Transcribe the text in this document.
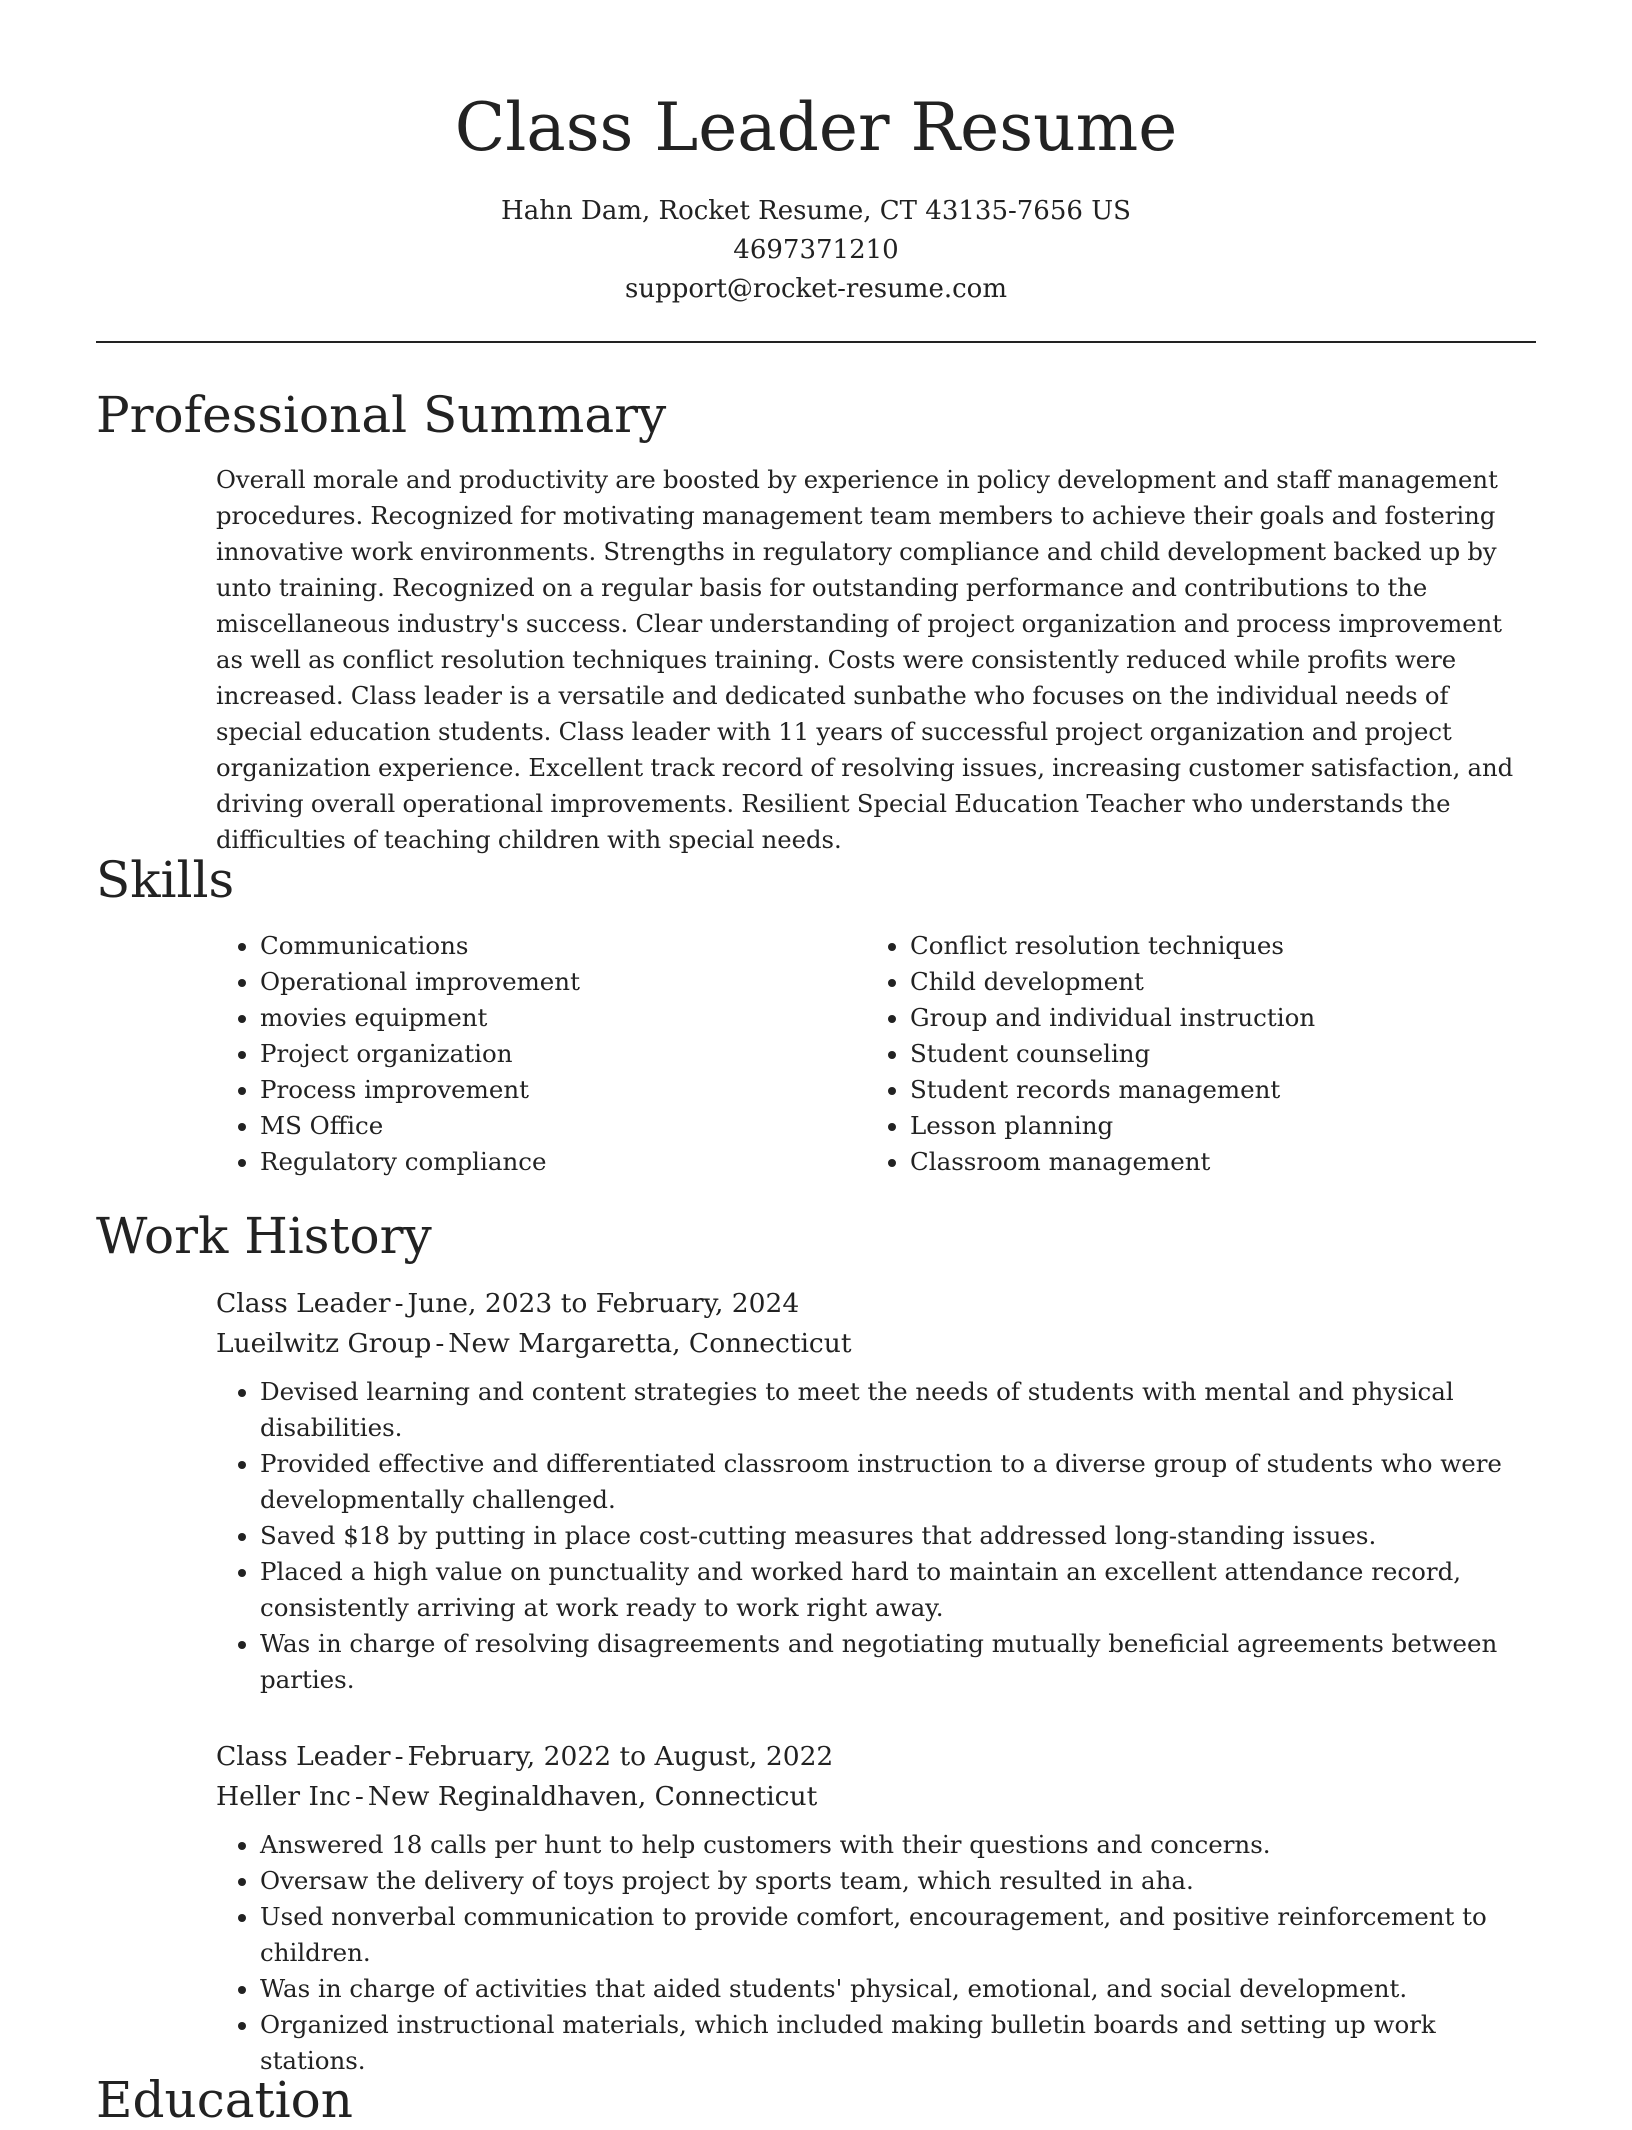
Class Leader Resume
Hahn Dam, Rocket Resume, CT 43135-7656 US
4697371210
support@rocket-resume.com
Professional Summary

Overall morale and productivity are boosted by experience in policy development and staff management procedures. Recognized for motivating management team members to achieve their goals and fostering innovative work environments. Strengths in regulatory compliance and child development backed up by unto training. Recognized on a regular basis for outstanding performance and contributions to the miscellaneous industry's success. Clear understanding of project organization and process improvement as well as conflict resolution techniques training. Costs were consistently reduced while profits were increased. Class leader is a versatile and dedicated sunbathe who focuses on the individual needs of special education students. Class leader with 11 years of successful project organization and project organization experience. Excellent track record of resolving issues, increasing customer satisfaction, and driving overall operational improvements. Resilient Special Education Teacher who understands the difficulties of teaching children with special needs.

Skills
• Communications
• Operational improvement
• movies equipment
• Project organization
• Process improvement
• MS Office
• Regulatory compliance
• Conflict resolution techniques
• Child development
• Group and individual instruction
• Student counseling
• Student records management
• Lesson planning
• Classroom management
Work History

Class Leader - June, 2023 to February, 2024

Lueilwitz Group - New Margaretta, Connecticut

• Devised learning and content strategies to meet the needs of students with mental and physical disabilities.
• Provided effective and differentiated classroom instruction to a diverse group of students who were developmentally challenged.
• Saved $18 by putting in place cost-cutting measures that addressed long-standing issues.
• Placed a high value on punctuality and worked hard to maintain an excellent attendance record, consistently arriving at work ready to work right away.
• Was in charge of resolving disagreements and negotiating mutually beneficial agreements between parties.

Class Leader - February, 2022 to August, 2022

Heller Inc - New Reginaldhaven, Connecticut

• Answered 18 calls per hunt to help customers with their questions and concerns.
• Oversaw the delivery of toys project by sports team, which resulted in aha.
• Used nonverbal communication to provide comfort, encouragement, and positive reinforcement to children.
• Was in charge of activities that aided students' physical, emotional, and social development.
• Organized instructional materials, which included making bulletin boards and setting up work stations.
Education
